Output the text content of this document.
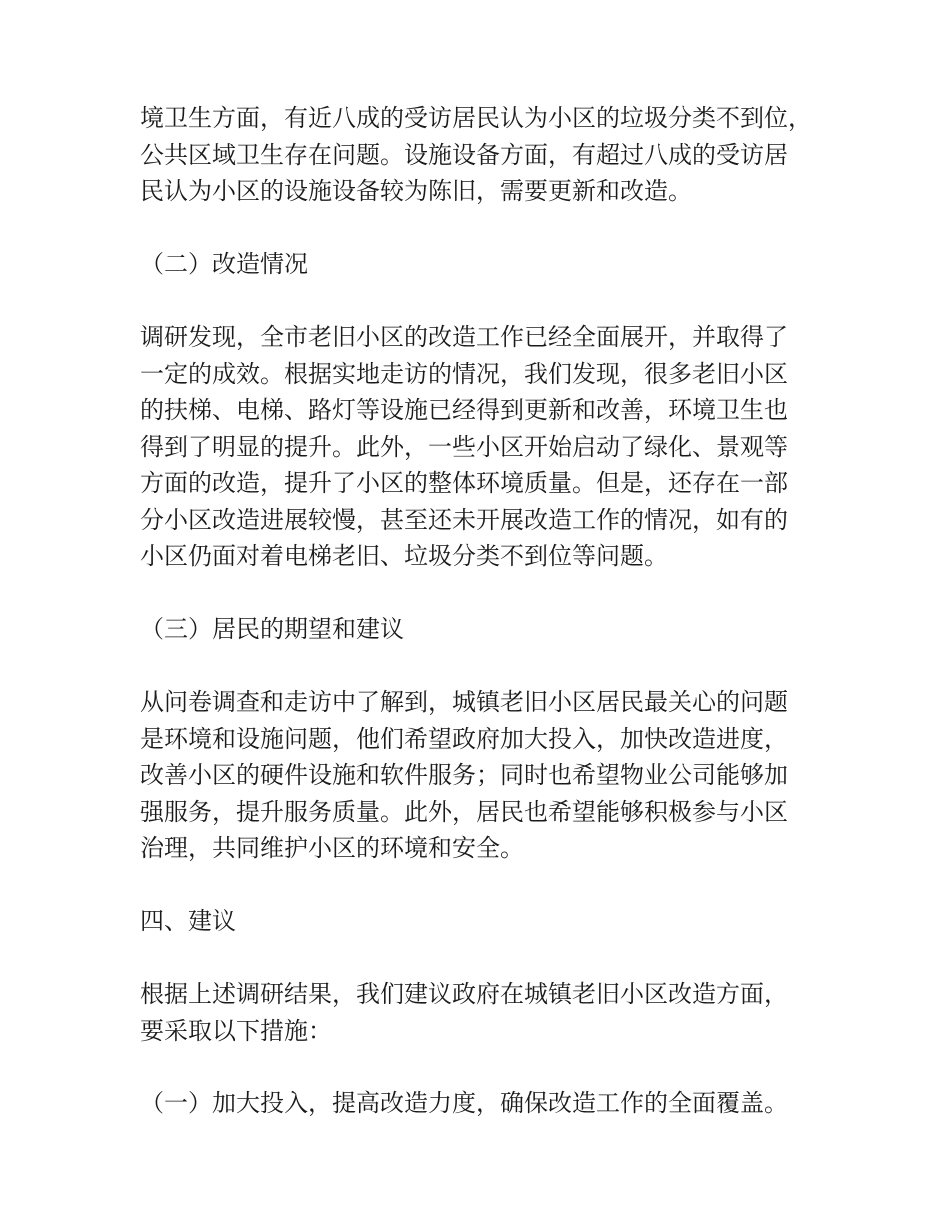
境卫生方面，有近八成的受访居民认为小区的垃圾分类不到位，
公共区域卫生存在问题。设施设备方面，有超过八成的受访居
民认为小区的设施设备较为陈旧，需要更新和改造。

（二）改造情况

调研发现，全市老旧小区的改造工作已经全面展开，并取得了
一定的成效。根据实地走访的情况，我们发现，很多老旧小区
的扶梯、电梯、路灯等设施已经得到更新和改善，环境卫生也
得到了明显的提升。此外，一些小区开始启动了绿化、景观等
方面的改造，提升了小区的整体环境质量。但是，还存在一部
分小区改造进展较慢，甚至还未开展改造工作的情况，如有的
小区仍面对着电梯老旧、垃圾分类不到位等问题。

（三）居民的期望和建议

从问卷调查和走访中了解到，城镇老旧小区居民最关心的问题
是环境和设施问题，他们希望政府加大投入，加快改造进度，
改善小区的硬件设施和软件服务；同时也希望物业公司能够加
强服务，提升服务质量。此外，居民也希望能够积极参与小区
治理，共同维护小区的环境和安全。

四、建议

根据上述调研结果，我们建议政府在城镇老旧小区改造方面，
要采取以下措施：

（一）加大投入，提高改造力度，确保改造工作的全面覆盖。
